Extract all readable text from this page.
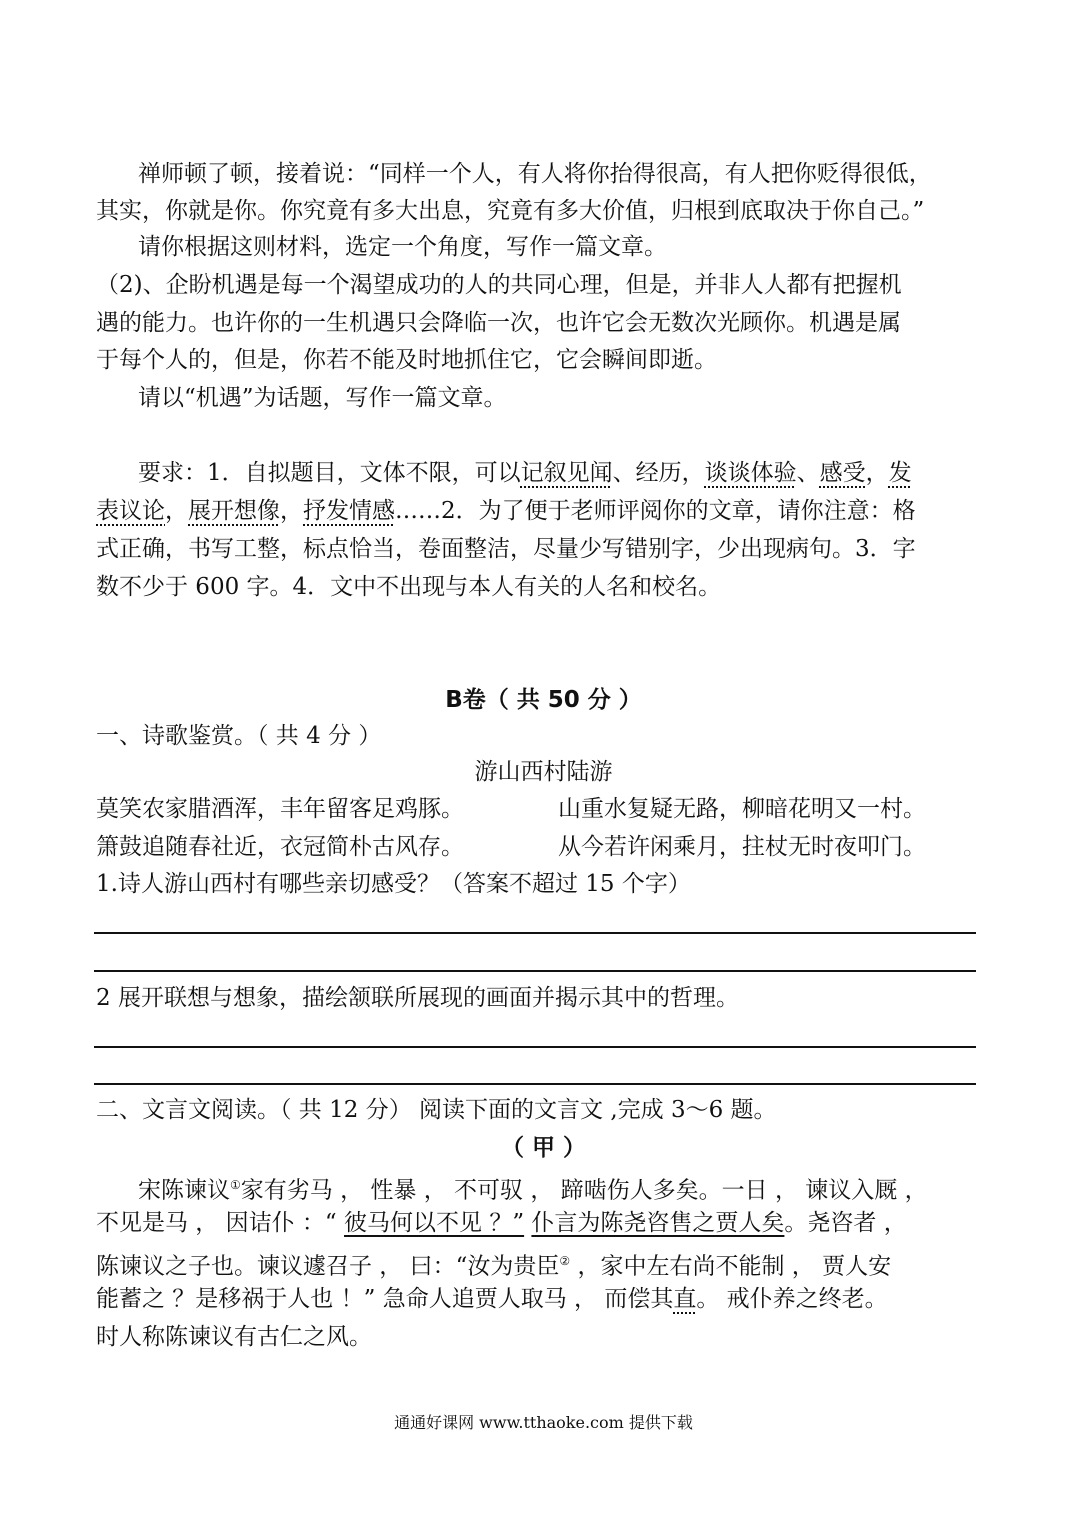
禅师顿了顿，接着说：“同样一个人，有人将你抬得很高，有人把你贬得很低，
其实，你就是你。你究竟有多大出息，究竟有多大价值，归根到底取决于你自己。”
请你根据这则材料，选定一个角度，写作一篇文章。
（2)、企盼机遇是每一个渴望成功的人的共同心理，但是，并非人人都有把握机
遇的能力。也许你的一生机遇只会降临一次，也许它会无数次光顾你。机遇是属
于每个人的，但是，你若不能及时地抓住它，它会瞬间即逝。
请以“机遇”为话题，写作一篇文章。
要求：1．自拟题目，文体不限，可以记叙见闻、经历，谈谈体验、感受，发
表议论，展开想像，抒发情感……2．为了便于老师评阅你的文章，请你注意：格
式正确，书写工整，标点恰当，卷面整洁，尽量少写错别字，少出现病句。3．字
数不少于 600 字。4．文中不出现与本人有关的人名和校名。
B卷（ 共 50 分 ）
一、诗歌鉴赏。（ 共 4 分 ）
游山西村陆游
莫笑农家腊酒浑，丰年留客足鸡豚。	山重水复疑无路，柳暗花明又一村。
箫鼓追随春社近，衣冠简朴古风存。	从今若许闲乘月，拄杖无时夜叩门。
1.诗人游山西村有哪些亲切感受？（答案不超过 15 个字）
2 展开联想与想象，描绘颔联所展现的画面并揭示其中的哲理。
二、文言文阅读。（ 共 12 分） 阅读下面的文言文 ,完成 3～6 题。
（ 甲 ）
宋陈谏议①家有劣马 ， 性暴 ， 不可驭 ， 蹄啮伤人多矣。一日 ， 谏议入厩 ，
不见是马 ， 因诘仆 ：“ 彼马何以不见 ？” 仆言为陈尧咨售之贾人矣。尧咨者 ，
陈谏议之子也。谏议遽召子 ， 曰：“汝为贵臣② ，家中左右尚不能制 ， 贾人安
能蓄之 ？是移祸于人也 ！” 急命人追贾人取马 ， 而偿其直。 戒仆养之终老。
时人称陈谏议有古仁之风。
通通好课网 www.tthaoke.com 提供下载
